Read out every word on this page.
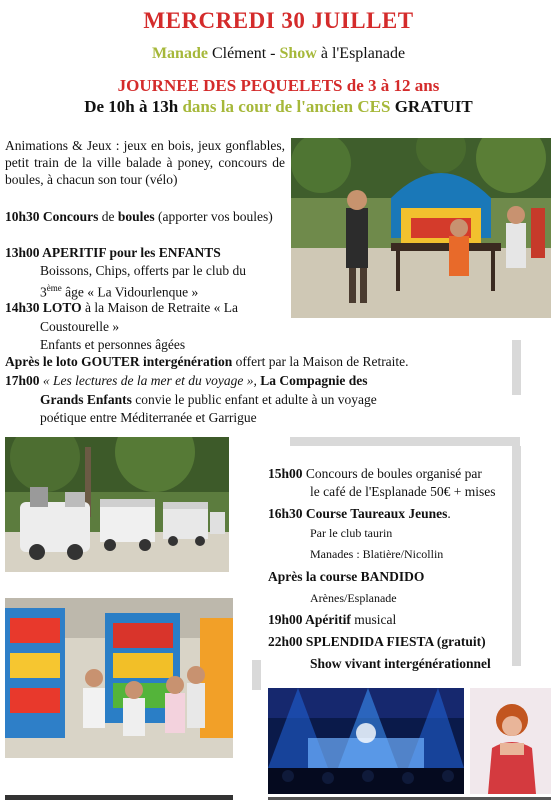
MERCREDI 30 JUILLET
Manade Clément - Show à l'Esplanade
JOURNEE DES PEQUELETS de 3 à 12 ans
De 10h à 13h dans la cour de l'ancien CES GRATUIT
Animations & Jeux : jeux en bois, jeux gonflables, petit train de la ville balade à poney, concours de boules, à chacun son tour (vélo)
10h30 Concours de boules (apporter vos boules)
13h00 APERITIF pour les ENFANTS
Boissons, Chips, offerts par le club du
3ème âge « La Vidourlenque »
14h30 LOTO à la Maison de Retraite « La
Coustourelle »
Enfants et personnes âgées
Après le loto GOUTER intergénération offert par la Maison de Retraite.
17h00 « Les lectures de la mer et du voyage », La Compagnie des
Grands Enfants convie le public enfant et adulte à un voyage
poétique entre Méditerranée et Garrigue
15h00 Concours de boules organisé par
le café de l'Esplanade 50€ + mises
16h30 Course Taureaux Jeunes.
Par le club taurin
Manades : Blatière/Nicollin
Après la course BANDIDO
Arènes/Esplanade
19h00 Apéritif musical
22h00 SPLENDIDA FIESTA (gratuit)
Show vivant intergénérationnel
